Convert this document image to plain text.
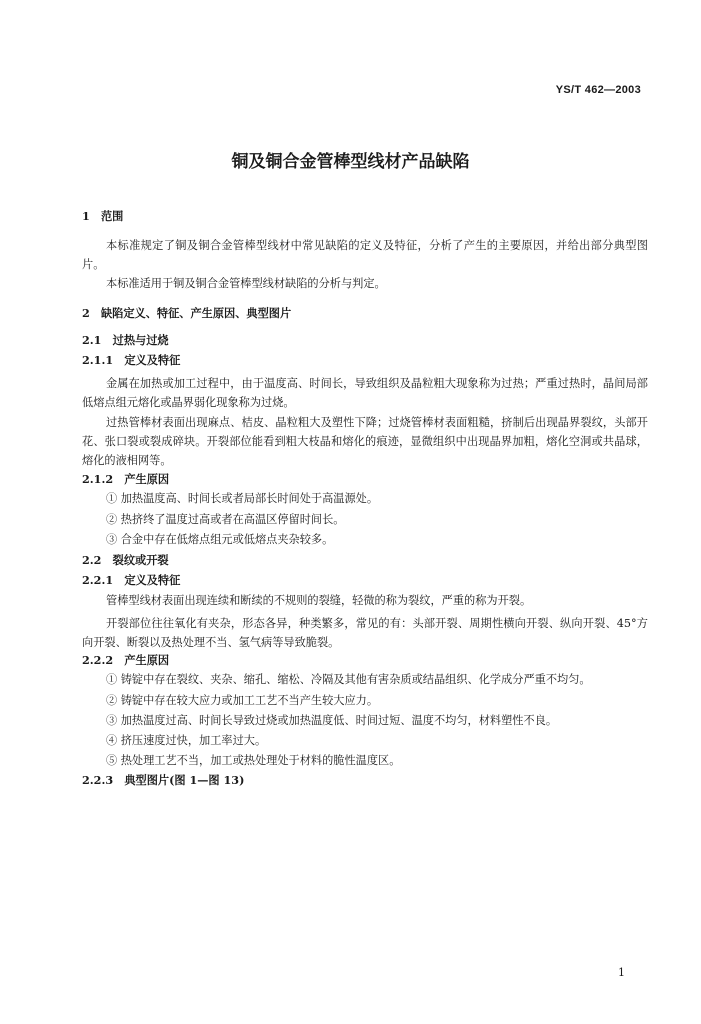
YS/T 462—2003
铜及铜合金管棒型线材产品缺陷
1　范围
本标准规定了铜及铜合金管棒型线材中常见缺陷的定义及特征，分析了产生的主要原因，并给出部分典型图片。
本标准适用于铜及铜合金管棒型线材缺陷的分析与判定。
2　缺陷定义、特征、产生原因、典型图片
2.1　过热与过烧
2.1.1　定义及特征
金属在加热或加工过程中，由于温度高、时间长，导致组织及晶粒粗大现象称为过热；严重过热时，晶间局部低熔点组元熔化或晶界弱化现象称为过烧。
过热管棒材表面出现麻点、桔皮、晶粒粗大及塑性下降；过烧管棒材表面粗糙，挤制后出现晶界裂纹，头部开花、张口裂或裂成碎块。开裂部位能看到粗大枝晶和熔化的痕迹，显微组织中出现晶界加粗，熔化空洞或共晶球，熔化的液相网等。
2.1.2　产生原因
① 加热温度高、时间长或者局部长时间处于高温源处。
② 热挤终了温度过高或者在高温区停留时间长。
③ 合金中存在低熔点组元或低熔点夹杂较多。
2.2　裂纹或开裂
2.2.1　定义及特征
管棒型线材表面出现连续和断续的不规则的裂缝，轻微的称为裂纹，严重的称为开裂。
开裂部位往往氧化有夹杂，形态各异，种类繁多，常见的有：头部开裂、周期性横向开裂、纵向开裂、45°方向开裂、断裂以及热处理不当、氢气病等导致脆裂。
2.2.2　产生原因
① 铸锭中存在裂纹、夹杂、缩孔、缩松、冷隔及其他有害杂质或结晶组织、化学成分严重不均匀。
② 铸锭中存在较大应力或加工工艺不当产生较大应力。
③ 加热温度过高、时间长导致过烧或加热温度低、时间过短、温度不均匀，材料塑性不良。
④ 挤压速度过快，加工率过大。
⑤ 热处理工艺不当，加工或热处理处于材料的脆性温度区。
2.2.3　典型图片(图 1—图 13)
1
